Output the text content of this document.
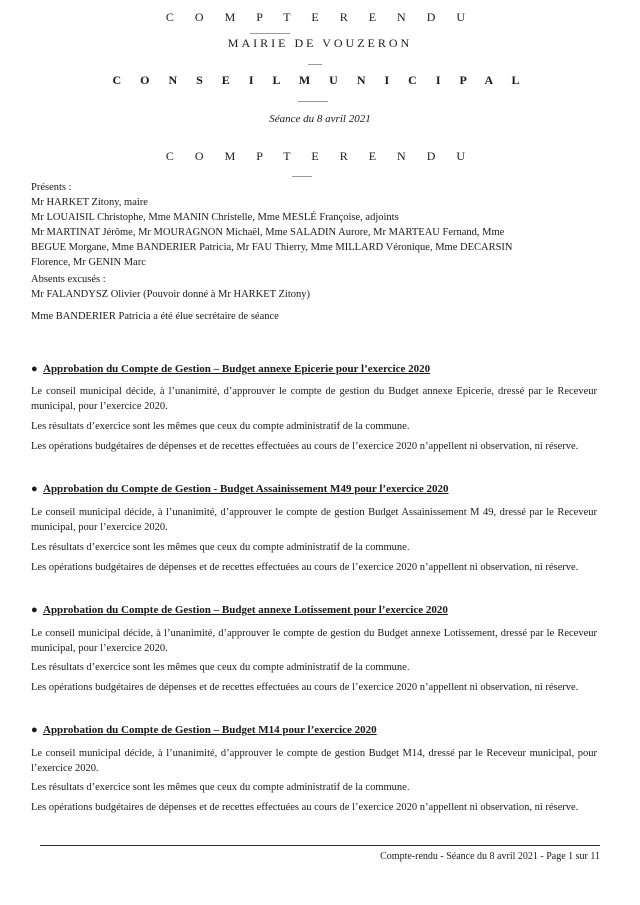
C O M P T E R E N D U
MAIRIE DE VOUZERON
C O N S E I L M U N I C I P A L
Séance du 8 avril 2021
C O M P T E R E N D U
Présents :
Mr HARKET Zitony, maire
Mr LOUAISIL Christophe, Mme MANIN Christelle, Mme MESLÉ Françoise, adjoints
Mr MARTINAT Jérôme, Mr MOURAGNON Michaël, Mme SALADIN Aurore, Mr MARTEAU Fernand, Mme
BEGUE Morgane, Mme BANDERIER Patricia, Mr FAU Thierry, Mme MILLARD Véronique, Mme DECARSIN
Florence, Mr GENIN Marc
Absents excusés :
Mr FALANDYSZ Olivier (Pouvoir donné à Mr HARKET Zitony)
Mme BANDERIER Patricia a été élue secrétaire de séance
● Approbation du Compte de Gestion – Budget annexe Epicerie pour l’exercice 2020
Le conseil municipal décide, à l’unanimité, d’approuver le compte de gestion du Budget annexe Epicerie, dressé par le Receveur municipal, pour l’exercice 2020.
Les résultats d’exercice sont les mêmes que ceux du compte administratif de la commune.
Les opérations budgétaires de dépenses et de recettes effectuées au cours de l’exercice 2020 n’appellent ni observation, ni réserve.
● Approbation du Compte de Gestion - Budget Assainissement M49 pour l’exercice 2020
Le conseil municipal décide, à l’unanimité, d’approuver le compte de gestion Budget Assainissement M 49, dressé par le Receveur municipal, pour l’exercice 2020.
Les résultats d’exercice sont les mêmes que ceux du compte administratif de la commune.
Les opérations budgétaires de dépenses et de recettes effectuées au cours de l’exercice 2020 n’appellent ni observation, ni réserve.
● Approbation du Compte de Gestion – Budget annexe Lotissement pour l’exercice 2020
Le conseil municipal décide, à l’unanimité, d’approuver le compte de gestion du Budget annexe Lotissement, dressé par le Receveur municipal, pour l’exercice 2020.
Les résultats d’exercice sont les mêmes que ceux du compte administratif de la commune.
Les opérations budgétaires de dépenses et de recettes effectuées au cours de l’exercice 2020 n’appellent ni observation, ni réserve.
● Approbation du Compte de Gestion – Budget M14 pour l’exercice 2020
Le conseil municipal décide, à l’unanimité, d’approuver le compte de gestion Budget M14, dressé par le Receveur municipal, pour l’exercice 2020.
Les résultats d’exercice sont les mêmes que ceux du compte administratif de la commune.
Les opérations budgétaires de dépenses et de recettes effectuées au cours de l’exercice 2020 n’appellent ni observation, ni réserve.
Compte-rendu - Séance du 8 avril 2021 - Page 1 sur 11
